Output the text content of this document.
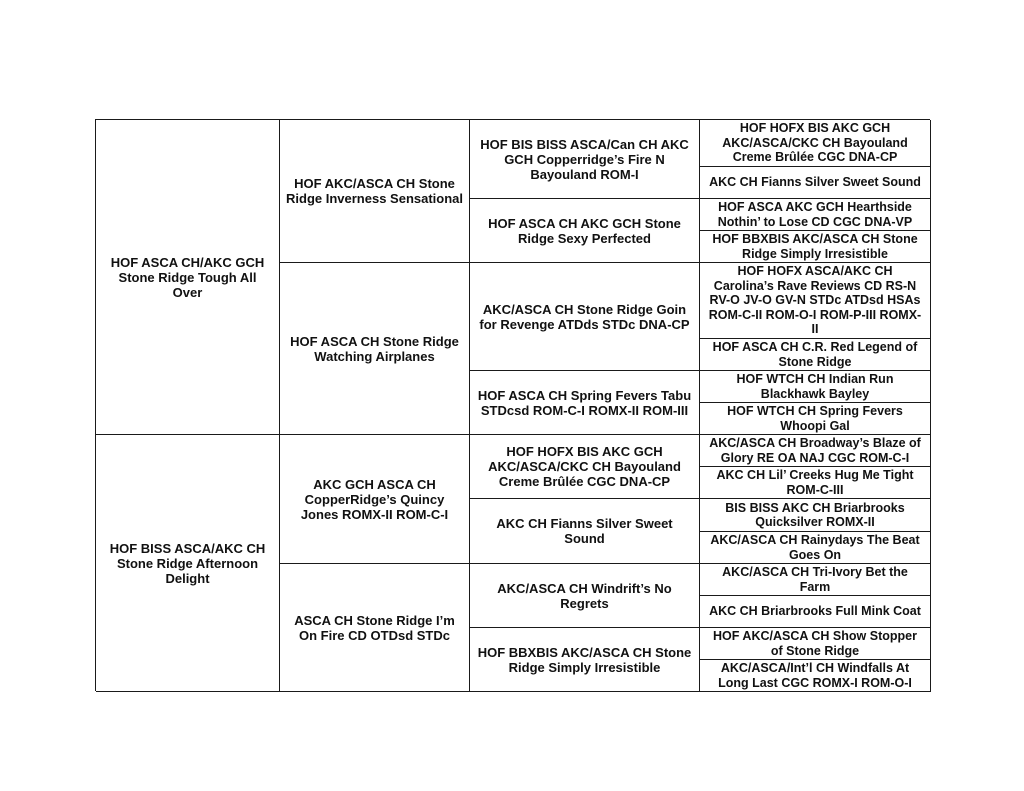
HOF ASCA CH/AKC GCH Stone Ridge Tough All Over
HOF BISS ASCA/AKC CH Stone Ridge Afternoon Delight
HOF AKC/ASCA CH Stone Ridge Inverness Sensational
HOF ASCA CH Stone Ridge Watching Airplanes
AKC GCH ASCA CH CopperRidge’s Quincy Jones ROMX-II ROM-C-I
ASCA CH Stone Ridge I’m On Fire CD OTDsd STDc
HOF BIS BISS ASCA/Can CH AKC GCH Copperridge’s Fire N Bayouland ROM-I
HOF ASCA CH AKC GCH Stone Ridge Sexy Perfected
AKC/ASCA CH Stone Ridge Goin for Revenge ATDds STDc DNA-CP
HOF ASCA CH Spring Fevers Tabu STDcsd ROM-C-I ROMX-II ROM-III
HOF HOFX BIS AKC GCH AKC/ASCA/CKC CH Bayouland Creme Brûlée CGC DNA-CP
AKC CH Fianns Silver Sweet Sound
AKC/ASCA CH Windrift’s No Regrets
HOF BBXBIS AKC/ASCA CH Stone Ridge Simply Irresistible
HOF HOFX BIS AKC GCH AKC/ASCA/CKC CH Bayouland Creme Brûlée CGC DNA-CP
AKC CH Fianns Silver Sweet Sound
HOF ASCA AKC GCH Hearthside Nothin’ to Lose CD CGC DNA-VP
HOF BBXBIS AKC/ASCA CH Stone Ridge Simply Irresistible
HOF HOFX ASCA/AKC CH Carolina’s Rave Reviews CD RS-N RV-O JV-O GV-N STDc ATDsd HSAs ROM-C-II ROM-O-I ROM-P-III ROMX-II
HOF ASCA CH C.R. Red Legend of Stone Ridge
HOF WTCH CH Indian Run Blackhawk Bayley
HOF WTCH CH Spring Fevers Whoopi Gal
AKC/ASCA CH Broadway’s Blaze of Glory RE OA NAJ CGC ROM-C-I
AKC CH Lil’ Creeks Hug Me Tight ROM-C-III
BIS BISS AKC CH Briarbrooks Quicksilver ROMX-II
AKC/ASCA CH Rainydays The Beat Goes On
AKC/ASCA CH Tri-Ivory Bet the Farm
AKC CH Briarbrooks Full Mink Coat
HOF AKC/ASCA CH Show Stopper of Stone Ridge
AKC/ASCA/Int’l CH Windfalls At Long Last CGC ROMX-I ROM-O-I
